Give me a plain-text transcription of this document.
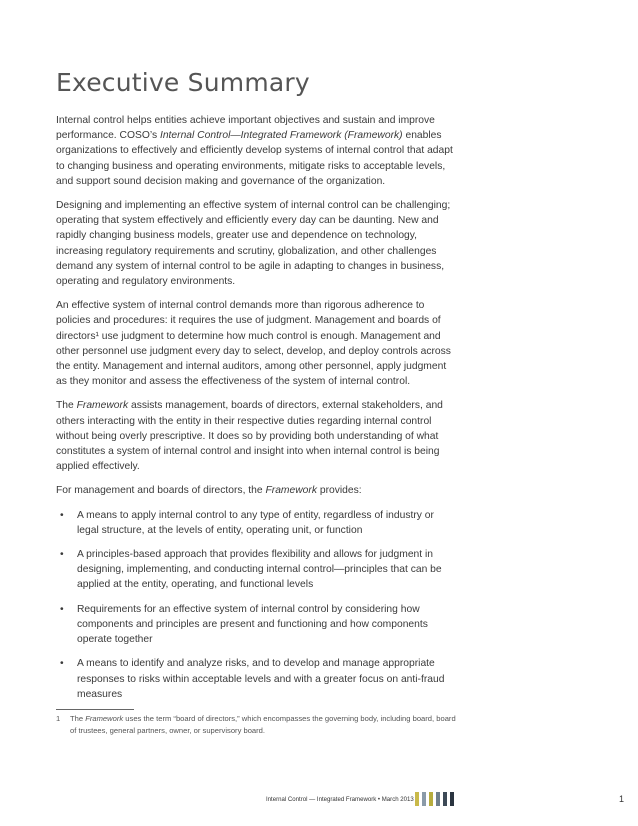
Executive Summary

Internal control helps entities achieve important objectives and sustain and improve performance. COSO’s Internal Control—Integrated Framework (Framework) enables organizations to effectively and efficiently develop systems of internal control that adapt to changing business and operating environments, mitigate risks to acceptable levels, and support sound decision making and governance of the organization.

Designing and implementing an effective system of internal control can be challenging; operating that system effectively and efficiently every day can be daunting. New and rapidly changing business models, greater use and dependence on technology, increasing regulatory requirements and scrutiny, globalization, and other challenges demand any system of internal control to be agile in adapting to changes in business, operating and regulatory environments.

An effective system of internal control demands more than rigorous adherence to policies and procedures: it requires the use of judgment. Management and boards of directors¹ use judgment to determine how much control is enough. Management and other personnel use judgment every day to select, develop, and deploy controls across the entity. Management and internal auditors, among other personnel, apply judgment as they monitor and assess the effectiveness of the system of internal control.

The Framework assists management, boards of directors, external stakeholders, and others interacting with the entity in their respective duties regarding internal control without being overly prescriptive. It does so by providing both understanding of what constitutes a system of internal control and insight into when internal control is being applied effectively.

For management and boards of directors, the Framework provides:

• A means to apply internal control to any type of entity, regardless of industry or legal structure, at the levels of entity, operating unit, or function
• A principles-based approach that provides flexibility and allows for judgment in designing, implementing, and conducting internal control—principles that can be applied at the entity, operating, and functional levels
• Requirements for an effective system of internal control by considering how components and principles are present and functioning and how components operate together
• A means to identify and analyze risks, and to develop and manage appropriate responses to risks within acceptable levels and with a greater focus on anti-fraud measures
1	The Framework uses the term “board of directors,” which encompasses the governing body, including board, board of trustees, general partners, owner, or supervisory board.
Internal Control — Integrated Framework • March 2013	1
